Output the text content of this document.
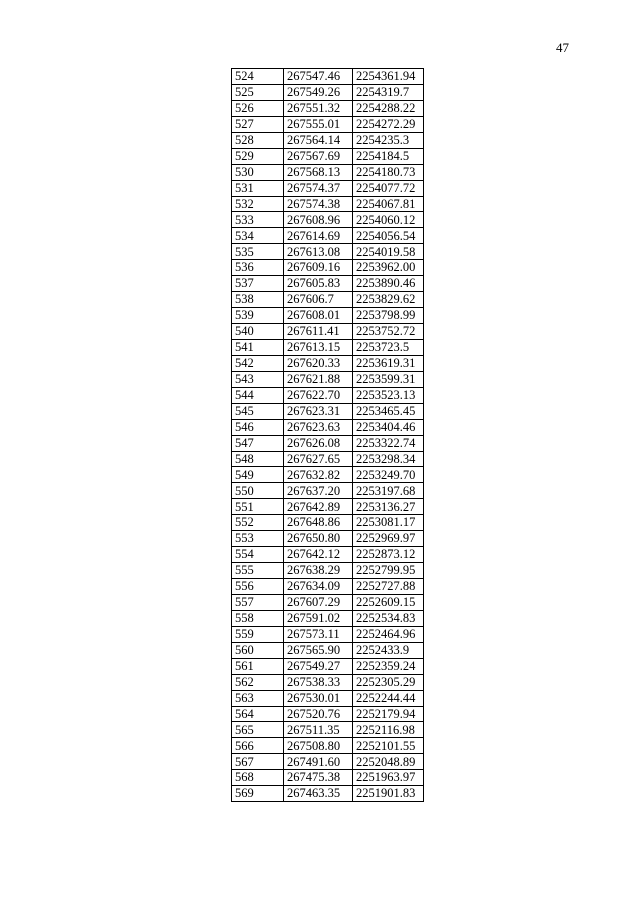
47
524	267547.46	2254361.94
525	267549.26	2254319.7
526	267551.32	2254288.22
527	267555.01	2254272.29
528	267564.14	2254235.3
529	267567.69	2254184.5
530	267568.13	2254180.73
531	267574.37	2254077.72
532	267574.38	2254067.81
533	267608.96	2254060.12
534	267614.69	2254056.54
535	267613.08	2254019.58
536	267609.16	2253962.00
537	267605.83	2253890.46
538	267606.7	2253829.62
539	267608.01	2253798.99
540	267611.41	2253752.72
541	267613.15	2253723.5
542	267620.33	2253619.31
543	267621.88	2253599.31
544	267622.70	2253523.13
545	267623.31	2253465.45
546	267623.63	2253404.46
547	267626.08	2253322.74
548	267627.65	2253298.34
549	267632.82	2253249.70
550	267637.20	2253197.68
551	267642.89	2253136.27
552	267648.86	2253081.17
553	267650.80	2252969.97
554	267642.12	2252873.12
555	267638.29	2252799.95
556	267634.09	2252727.88
557	267607.29	2252609.15
558	267591.02	2252534.83
559	267573.11	2252464.96
560	267565.90	2252433.9
561	267549.27	2252359.24
562	267538.33	2252305.29
563	267530.01	2252244.44
564	267520.76	2252179.94
565	267511.35	2252116.98
566	267508.80	2252101.55
567	267491.60	2252048.89
568	267475.38	2251963.97
569	267463.35	2251901.83
